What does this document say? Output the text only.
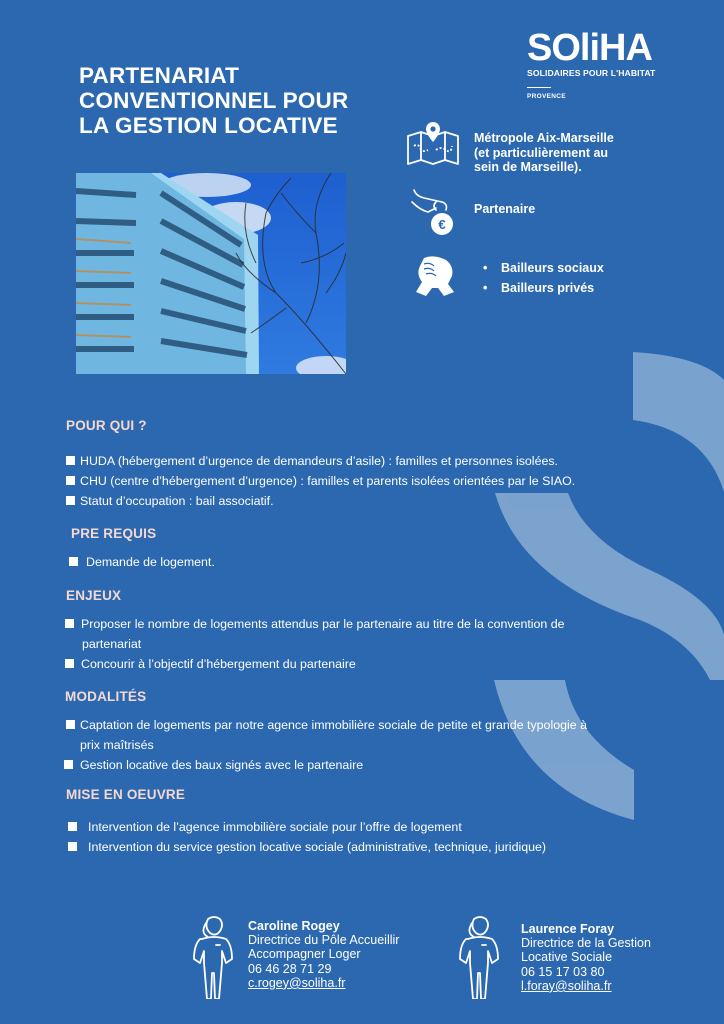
SOliHA
SOLIDAIRES POUR L'HABITAT
PROVENCE
PARTENARIAT
CONVENTIONNEL POUR
LA GESTION LOCATIVE	Métropole Aix-Marseille
(et particulièrement au
sein de Marseille).
€
Partenaire
• Bailleurs sociaux
• Bailleurs privés
POUR QUI ?
HUDA (hébergement d’urgence de demandeurs d’asile) : familles et personnes isolées.
CHU (centre d’hébergement d’urgence) : familles et parents isolées orientées par le SIAO.
Statut d’occupation : bail associatif.
PRE REQUIS
Demande de logement.
ENJEUX
Proposer le nombre de logements attendus par le partenaire au titre de la convention de
partenariat
Concourir à l’objectif d’hébergement du partenaire
MODALITÉS
Captation de logements par notre agence immobilière sociale de petite et grande typologie à
prix maîtrisés
Gestion locative des baux signés avec le partenaire
MISE EN OEUVRE
Intervention de l’agence immobilière sociale pour l’offre de logement
Intervention du service gestion locative sociale (administrative, technique, juridique)
Caroline Rogey
Directrice du Pôle Accueillir
Accompagner Loger
06 46 28 71 29
c.rogey@soliha.fr
Laurence Foray
Directrice de la Gestion
Locative Sociale
06 15 17 03 80
l.foray@soliha.fr
